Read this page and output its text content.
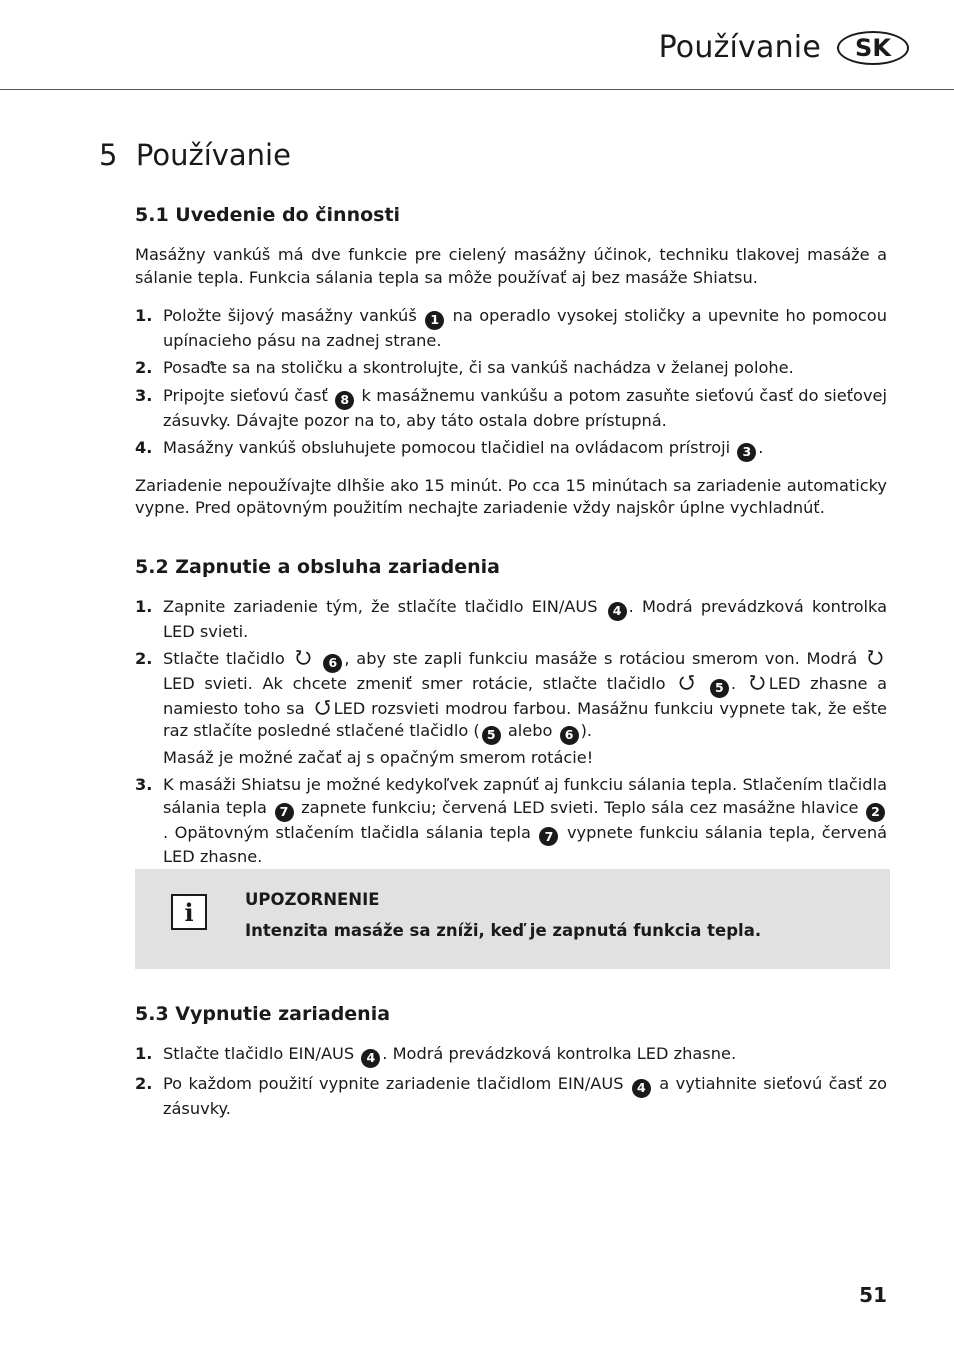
Používanie	SK
5 Používanie
5.1 Uvedenie do činnosti

Masážny vankúš má dve funkcie pre cielený masážny účinok, techniku tlakovej masáže a sálanie tepla. Funkcia sálania tepla sa môže používať aj bez masáže Shiatsu.

1. Položte šijový masážny vankúš 1 na operadlo vysokej stoličky a upevnite ho pomocou upínacieho pásu na zadnej strane.
2. Posaďte sa na stoličku a skontrolujte, či sa vankúš nachádza v želanej polohe.
3. Pripojte sieťovú časť 8 k masážnemu vankúšu a potom zasuňte sieťovú časť do sieťovej zásuvky. Dávajte pozor na to, aby táto ostala dobre prístupná.
4. Masážny vankúš obsluhujete pomocou tlačidiel na ovládacom prístroji 3 .

Zariadenie nepoužívajte dlhšie ako 15 minút. Po cca 15 minútach sa zariadenie automaticky vypne. Pred opätovným použitím nechajte zariadenie vždy najskôr úplne vychladnúť.

5.2 Zapnutie a obsluha zariadenia
1. Zapnite zariadenie tým, že stlačíte tlačidlo EIN/AUS 4 . Modrá prevádzková kontrolka LED svieti.
2. Stlačte tlačidlo	6 , aby ste zapli funkciu masáže s rotáciou smerom von. Modrá LED svieti. Ak chcete zmeniť smer rotácie, stlačte tlačidlo	5 . LED zhasne a namiesto toho sa LED rozsvieti modrou farbou. Masážnu funkciu vypnete tak, že ešte raz stlačíte posledné stlačené tlačidlo ( 5 alebo 6 ).
Masáž je možné začať aj s opačným smerom rotácie!
3. K masáži Shiatsu je možné kedykoľvek zapnúť aj funkciu sálania tepla. Stlačením tlačidla sálania tepla 7 zapnete funkciu; červená LED svieti. Teplo sála cez masážne hlavice 2. Opätovným stlačením tlačidla sálania tepla 7 vypnete funkciu sálania tepla, červená LED zhasne.
i	UPOZORNENIE
Intenzita masáže sa zníži, keď je zapnutá funkcia tepla.
5.3 Vypnutie zariadenia
1. Stlačte tlačidlo EIN/AUS 4 . Modrá prevádzková kontrolka LED zhasne.
2. Po každom použití vypnite zariadenie tlačidlom EIN/AUS 4 a vytiahnite sieťovú časť zo zásuvky.
51
